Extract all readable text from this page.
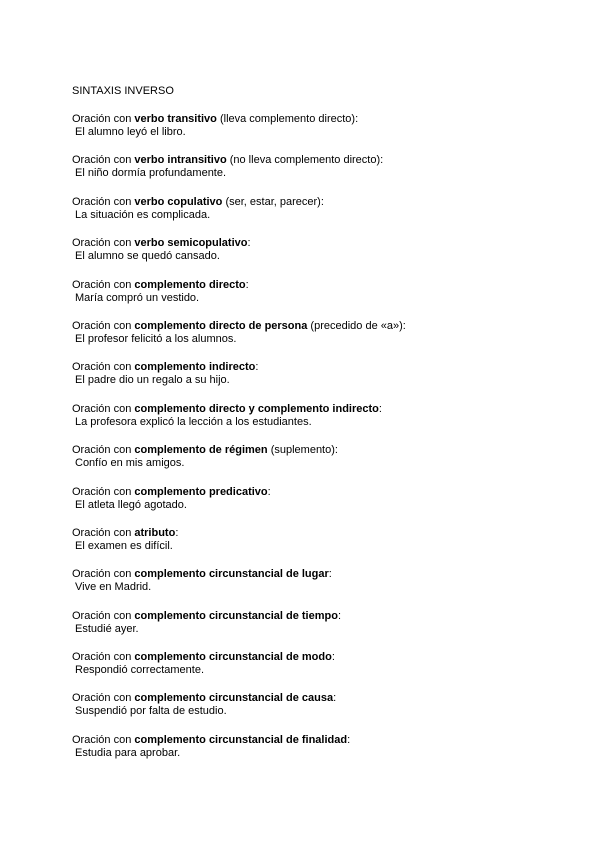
SINTAXIS INVERSO
Oración con verbo transitivo (lleva complemento directo):
El alumno leyó el libro.
Oración con verbo intransitivo (no lleva complemento directo):
El niño dormía profundamente.
Oración con verbo copulativo (ser, estar, parecer):
La situación es complicada.
Oración con verbo semicopulativo:
El alumno se quedó cansado.
Oración con complemento directo:
María compró un vestido.
Oración con complemento directo de persona (precedido de «a»):
El profesor felicitó a los alumnos.
Oración con complemento indirecto:
El padre dio un regalo a su hijo.
Oración con complemento directo y complemento indirecto:
La profesora explicó la lección a los estudiantes.
Oración con complemento de régimen (suplemento):
Confío en mis amigos.
Oración con complemento predicativo:
El atleta llegó agotado.
Oración con atributo:
El examen es difícil.
Oración con complemento circunstancial de lugar:
Vive en Madrid.
Oración con complemento circunstancial de tiempo:
Estudié ayer.
Oración con complemento circunstancial de modo:
Respondió correctamente.
Oración con complemento circunstancial de causa:
Suspendió por falta de estudio.
Oración con complemento circunstancial de finalidad:
Estudia para aprobar.
